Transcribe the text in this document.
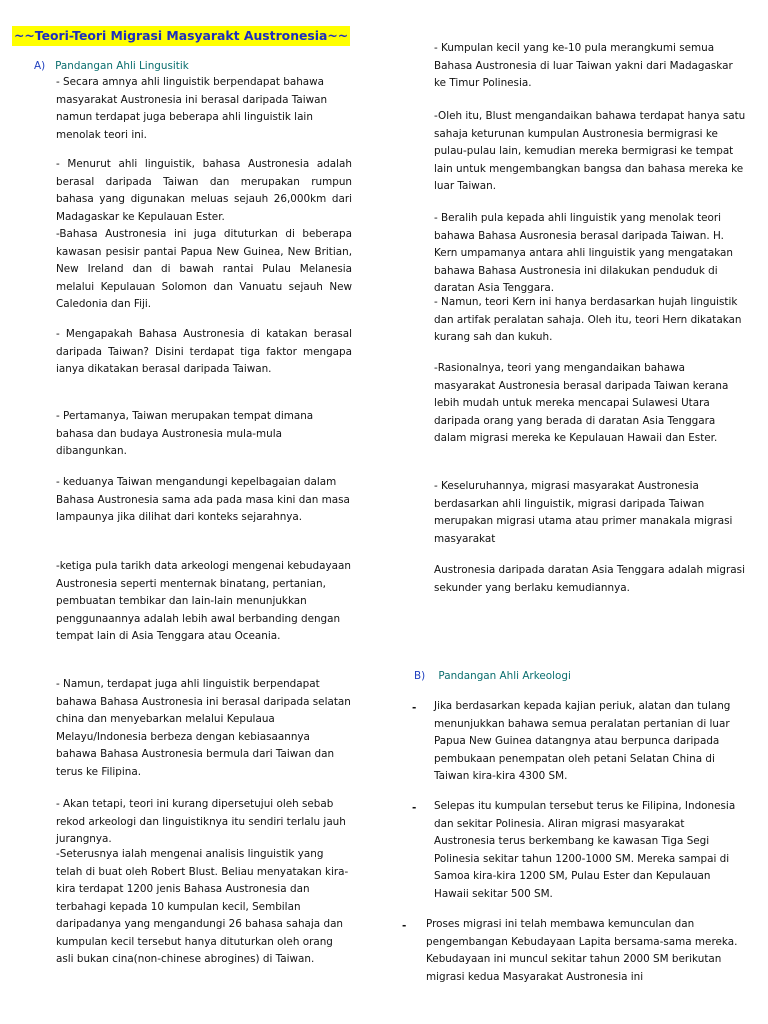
~~Teori-Teori Migrasi Masyarakt Austronesia~~
A) Pandangan Ahli Lingusitik
- Secara amnya ahli linguistik berpendapat bahawa masyarakat Austronesia ini berasal daripada Taiwan namun terdapat juga beberapa ahli linguistik lain menolak teori ini.
- Menurut ahli linguistik, bahasa Austronesia adalah berasal daripada Taiwan dan merupakan rumpun bahasa yang digunakan meluas sejauh 26,000km dari Madagaskar ke Kepulauan Ester.
-Bahasa Austronesia ini juga dituturkan di beberapa kawasan pesisir pantai Papua New Guinea, New Britian, New Ireland dan di bawah rantai Pulau Melanesia melalui Kepulauan Solomon dan Vanuatu sejauh New Caledonia dan Fiji.
- Mengapakah Bahasa Austronesia di katakan berasal daripada Taiwan? Disini terdapat tiga faktor mengapa ianya dikatakan berasal daripada Taiwan.
- Pertamanya, Taiwan merupakan tempat dimana bahasa dan budaya Austronesia mula-mula dibangunkan.
- keduanya Taiwan mengandungi kepelbagaian dalam Bahasa Austronesia sama ada pada masa kini dan masa lampaunya jika dilihat dari konteks sejarahnya.
-ketiga pula tarikh data arkeologi mengenai kebudayaan Austronesia seperti menternak binatang, pertanian, pembuatan tembikar dan lain-lain menunjukkan penggunaannya adalah lebih awal berbanding dengan tempat lain di Asia Tenggara atau Oceania.
- Namun, terdapat juga ahli linguistik berpendapat bahawa Bahasa Austronesia ini berasal daripada selatan china dan menyebarkan melalui Kepulaua Melayu/Indonesia berbeza dengan kebiasaannya bahawa Bahasa Austronesia bermula dari Taiwan dan terus ke Filipina.
- Akan tetapi, teori ini kurang dipersetujui oleh sebab rekod arkeologi dan linguistiknya itu sendiri terlalu jauh jurangnya.
-Seterusnya ialah mengenai analisis linguistik yang telah di buat oleh Robert Blust. Beliau menyatakan kira-kira terdapat 1200 jenis Bahasa Austronesia dan terbahagi kepada 10 kumpulan kecil, Sembilan daripadanya yang mengandungi 26 bahasa sahaja dan kumpulan kecil tersebut hanya dituturkan oleh orang asli bukan cina(non-chinese abrogines) di Taiwan.
- Kumpulan kecil yang ke-10 pula merangkumi semua Bahasa Austronesia di luar Taiwan yakni dari Madagaskar ke Timur Polinesia.
-Oleh itu, Blust mengandaikan bahawa terdapat hanya satu sahaja keturunan kumpulan Austronesia bermigrasi ke pulau-pulau lain, kemudian mereka bermigrasi ke tempat lain untuk mengembangkan bangsa dan bahasa mereka ke luar Taiwan.
- Beralih pula kepada ahli linguistik yang menolak teori bahawa Bahasa Ausronesia berasal daripada Taiwan. H. Kern umpamanya antara ahli linguistik yang mengatakan bahawa Bahasa Austronesia ini dilakukan penduduk di daratan Asia Tenggara.
- Namun, teori Kern ini hanya berdasarkan hujah linguistik dan artifak peralatan sahaja. Oleh itu, teori Hern dikatakan kurang sah dan kukuh.
-Rasionalnya, teori yang mengandaikan bahawa masyarakat Austronesia berasal daripada Taiwan kerana lebih mudah untuk mereka mencapai Sulawesi Utara daripada orang yang berada di daratan Asia Tenggara dalam migrasi mereka ke Kepulauan Hawaii dan Ester.
- Keseluruhannya, migrasi masyarakat Austronesia berdasarkan ahli linguistik, migrasi daripada Taiwan merupakan migrasi utama atau primer manakala migrasi masyarakat
Austronesia daripada daratan Asia Tenggara adalah migrasi sekunder yang berlaku kemudiannya.
B) Pandangan Ahli Arkeologi
- Jika berdasarkan kepada kajian periuk, alatan dan tulang menunjukkan bahawa semua peralatan pertanian di luar Papua New Guinea datangnya atau berpunca daripada pembukaan penempatan oleh petani Selatan China di Taiwan kira-kira 4300 SM.
- Selepas itu kumpulan tersebut terus ke Filipina, Indonesia dan sekitar Polinesia. Aliran migrasi masyarakat Austronesia terus berkembang ke kawasan Tiga Segi Polinesia sekitar tahun 1200-1000 SM. Mereka sampai di Samoa kira-kira 1200 SM, Pulau Ester dan Kepulauan Hawaii sekitar 500 SM.
- Proses migrasi ini telah membawa kemunculan dan pengembangan Kebudayaan Lapita bersama-sama mereka. Kebudayaan ini muncul sekitar tahun 2000 SM berikutan migrasi kedua Masyarakat Austronesia ini
